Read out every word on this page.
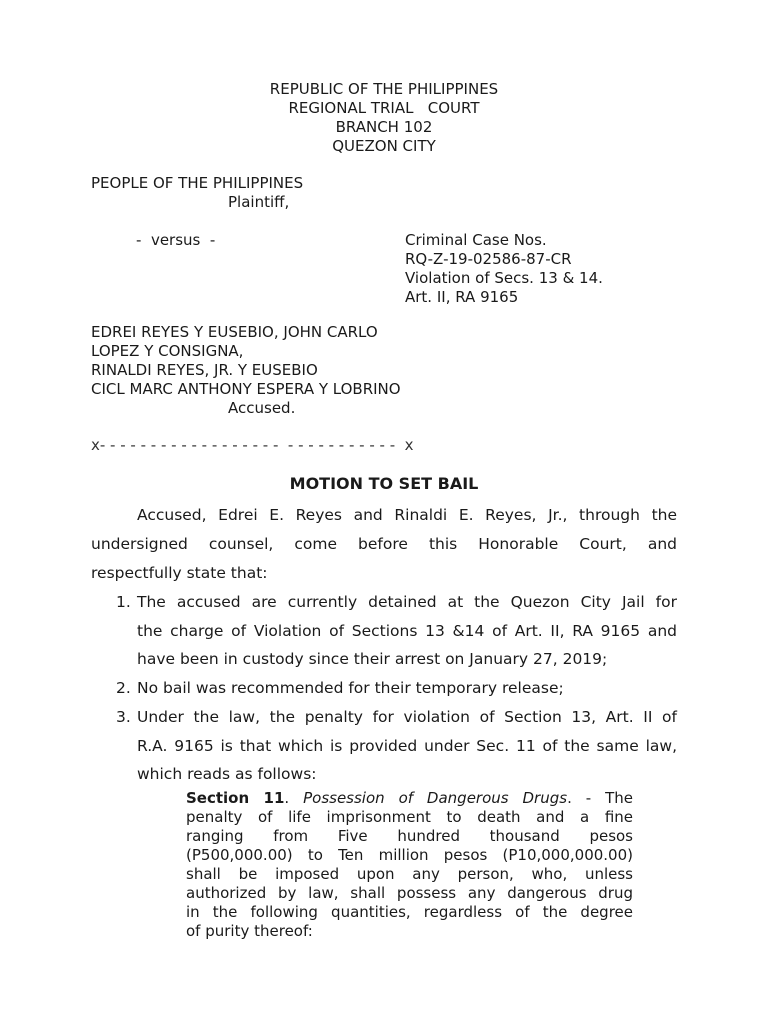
REPUBLIC OF THE PHILIPPINES
REGIONAL TRIAL   COURT
BRANCH 102
QUEZON CITY
PEOPLE OF THE PHILIPPINES
Plaintiff,
-  versus  -	Criminal Case Nos.
RQ-Z-19-02586-87-CR
Violation of Secs. 13 & 14.
Art. II, RA 9165
EDREI REYES Y EUSEBIO, JOHN CARLO
LOPEZ Y CONSIGNA,
RINALDI REYES, JR. Y EUSEBIO
CICL MARC ANTHONY ESPERA Y LOBRINO
Accused.
x- - - - - - - - - - - - - - - - - -  - - - - - - - - - - -  x
MOTION TO SET BAIL
Accused, Edrei E. Reyes and Rinaldi E. Reyes, Jr., through the
undersigned counsel, come before this Honorable Court, and
respectfully state that:
1. The accused are currently detained at the Quezon City Jail for
the charge of Violation of Sections 13 &14 of Art. II, RA 9165 and
have been in custody since their arrest on January 27, 2019;
2. No bail was recommended for their temporary release;
3. Under the law, the penalty for violation of Section 13, Art. II of
R.A. 9165 is that which is provided under Sec. 11 of the same law,
which reads as follows:
Section 11. Possession of Dangerous Drugs. - The
penalty of life imprisonment to death and a fine
ranging from Five hundred thousand pesos
(P500,000.00) to Ten million pesos (P10,000,000.00)
shall be imposed upon any person, who, unless
authorized by law, shall possess any dangerous drug
in the following quantities, regardless of the degree
of purity thereof:
